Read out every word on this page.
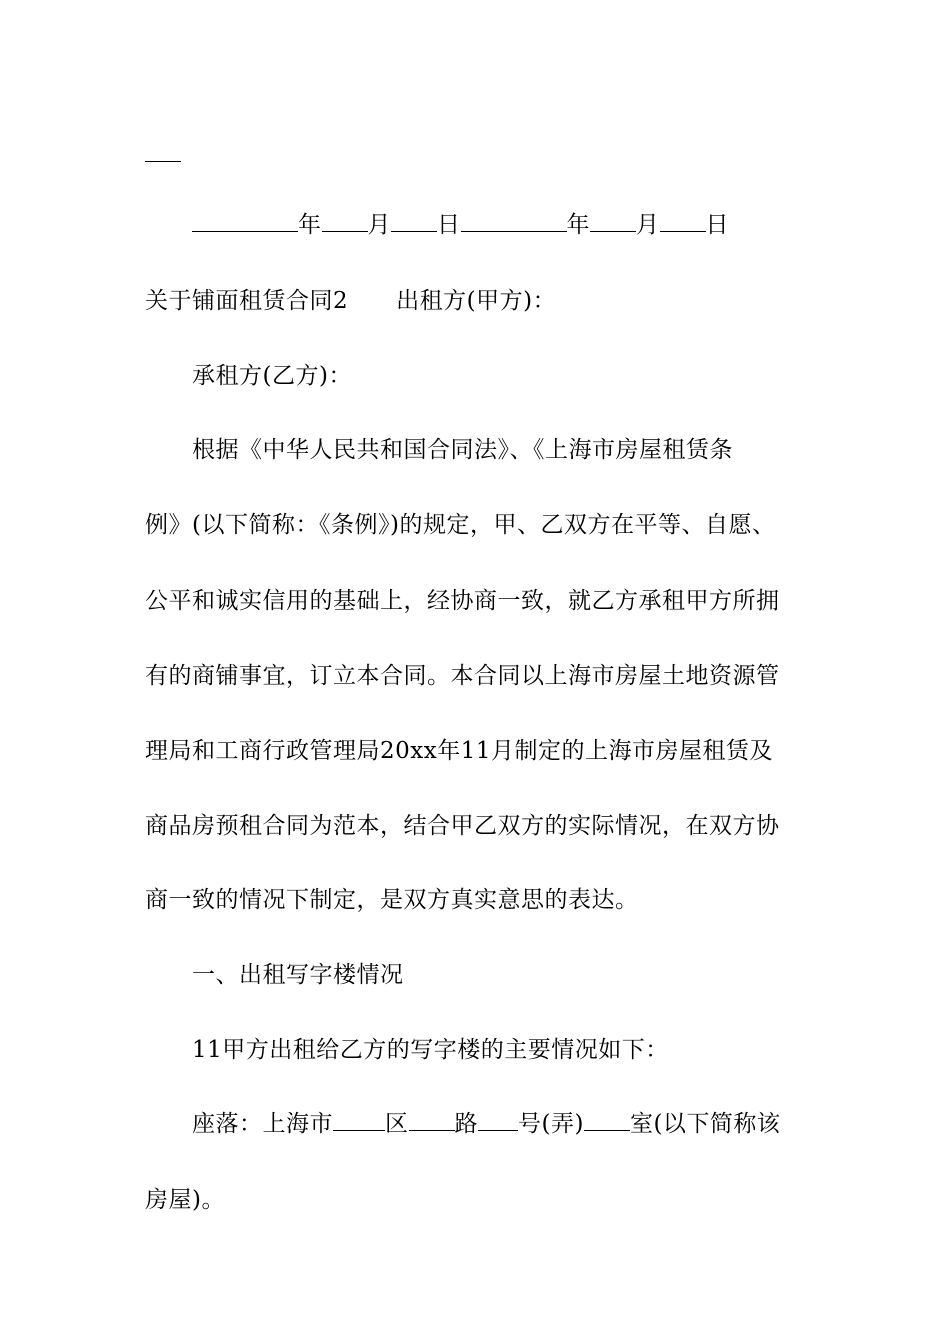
年 月 日	年 月 日
关于铺面租赁合同2 出租方(甲方)：
承租方(乙方)：
根据《中华人民共和国合同法》、《上海市房屋租赁条
例》(以下简称：《条例》)的规定，甲、乙双方在平等、自愿、
公平和诚实信用的基础上，经协商一致，就乙方承租甲方所拥
有的商铺事宜，订立本合同。本合同以上海市房屋土地资源管
理局和工商行政管理局20xx年11月制定的上海市房屋租赁及
商品房预租合同为范本，结合甲乙双方的实际情况，在双方协
商一致的情况下制定，是双方真实意思的表达。
一、出租写字楼情况
11甲方出租给乙方的写字楼的主要情况如下：
座落：上海市 区 路 号(弄) 室(以下简称该
房屋)。
